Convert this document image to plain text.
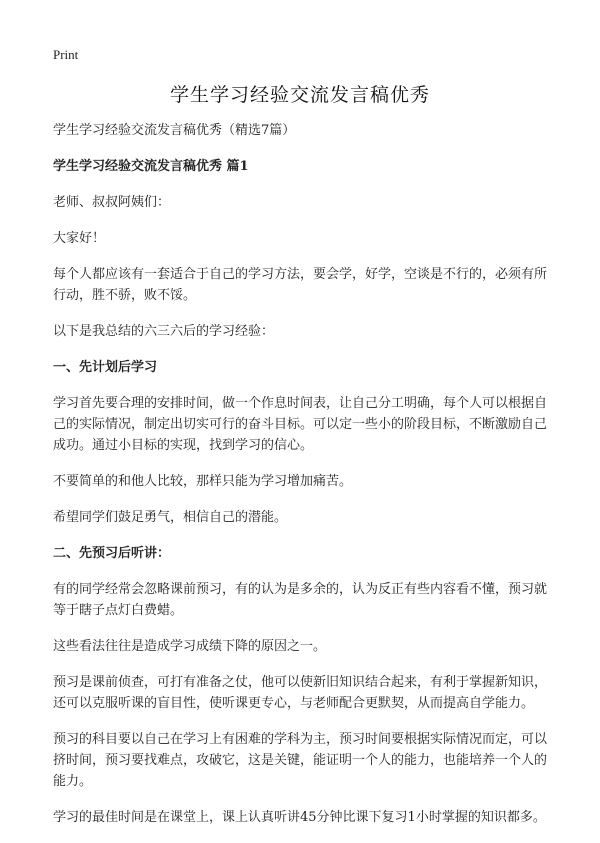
Print
学生学习经验交流发言稿优秀

学生学习经验交流发言稿优秀（精选7篇）

学生学习经验交流发言稿优秀 篇1

老师、叔叔阿姨们：

大家好！

每个人都应该有一套适合于自己的学习方法，要会学，好学，空谈是不行的，必须有所行动，胜不骄，败不馁。

以下是我总结的六三六后的学习经验：

一、先计划后学习

学习首先要合理的安排时间，做一个作息时间表，让自己分工明确，每个人可以根据自己的实际情况，制定出切实可行的奋斗目标。可以定一些小的阶段目标，不断激励自己成功。通过小目标的实现，找到学习的信心。

不要简单的和他人比较，那样只能为学习增加痛苦。

希望同学们鼓足勇气，相信自己的潜能。

二、先预习后听讲：

有的同学经常会忽略课前预习，有的认为是多余的，认为反正有些内容看不懂，预习就等于瞎子点灯白费蜡。

这些看法往往是造成学习成绩下降的原因之一。

预习是课前侦查，可打有准备之仗，他可以使新旧知识结合起来，有利于掌握新知识，还可以克服听课的盲目性，使听课更专心，与老师配合更默契，从而提高自学能力。

预习的科目要以自己在学习上有困难的学科为主，预习时间要根据实际情况而定，可以挤时间，预习要找难点，攻破它，这是关键，能证明一个人的能力，也能培养一个人的能力。

学习的最佳时间是在课堂上，课上认真听讲45分钟比课下复习1小时掌握的知识都多。
